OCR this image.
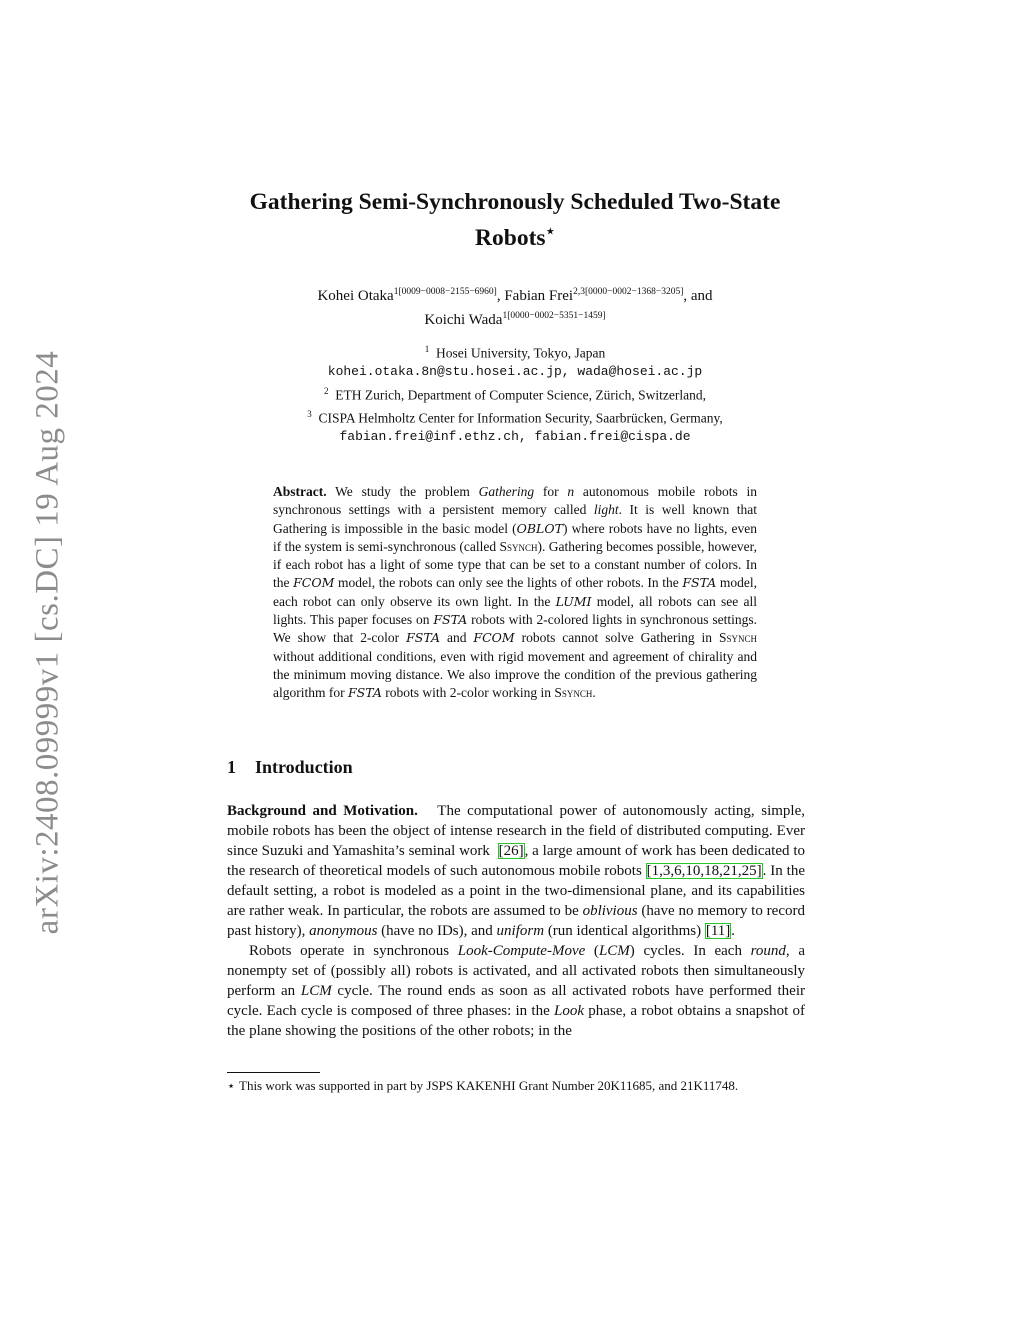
arXiv:2408.09999v1 [cs.DC] 19 Aug 2024
Gathering Semi-Synchronously Scheduled Two-State
Robots⋆
Kohei Otaka$^{1[0009-0008-2155-6960]}$, Fabian Frei$^{2,3[0000-0002-1368-3205]}$, and
Koichi Wada$^{1[0000-0002-5351-1459]}$
$^1$ Hosei University, Tokyo, Japan
kohei.otaka.8n@stu.hosei.ac.jp, wada@hosei.ac.jp
$^2$ ETH Zurich, Department of Computer Science, Zürich, Switzerland,
$^3$ CISPA Helmholtz Center for Information Security, Saarbrücken, Germany,
fabian.frei@inf.ethz.ch, fabian.frei@cispa.de
Abstract. We study the problem Gathering for n autonomous mobile robots in synchronous settings with a persistent memory called light. It is well known that Gathering is impossible in the basic model (OBLOT) where robots have no lights, even if the system is semi-synchronous (called Ssynch). Gathering becomes possible, however, if each robot has a light of some type that can be set to a constant number of colors. In the FCOM model, the robots can only see the lights of other robots. In the FSTA model, each robot can only observe its own light. In the LUMI model, all robots can see all lights. This paper focuses on FSTA robots with 2-colored lights in synchronous settings. We show that 2-color FSTA and FCOM robots cannot solve Gathering in Ssynch without additional conditions, even with rigid movement and agreement of chirality and the minimum moving distance. We also improve the condition of the previous gathering algorithm for FSTA robots with 2-color working in Ssynch.
1 Introduction

Background and Motivation.   The computational power of autonomously acting, simple, mobile robots has been the object of intense research in the field of distributed computing. Ever since Suzuki and Yamashita’s seminal work  [26], a large amount of work has been dedicated to the research of theoretical models of such autonomous mobile robots [1,3,6,10,18,21,25]. In the default setting, a robot is modeled as a point in the two-dimensional plane, and its capabilities are rather weak. In particular, the robots are assumed to be oblivious (have no memory to record past history), anonymous (have no IDs), and uniform (run identical algorithms) [11].

Robots operate in synchronous Look-Compute-Move (LCM) cycles. In each round, a nonempty set of (possibly all) robots is activated, and all activated robots then simultaneously perform an LCM cycle. The round ends as soon as all activated robots have performed their cycle. Each cycle is composed of three phases: in the Look phase, a robot obtains a snapshot of the plane showing the positions of the other robots; in the

⋆ This work was supported in part by JSPS KAKENHI Grant Number 20K11685, and 21K11748.
